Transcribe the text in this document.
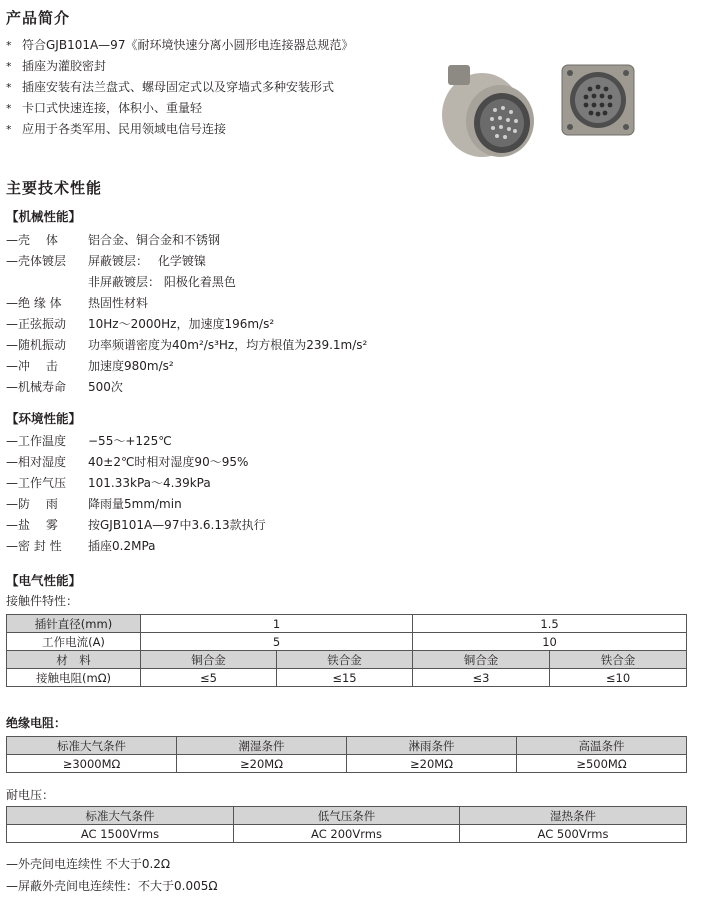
产品简介
* 符合GJB101A—97《耐环境快速分离小圆形电连接器总规范》
* 插座为灌胶密封
* 插座安装有法兰盘式、螺母固定式以及穿墙式多种安装形式
* 卡口式快速连接，体积小、重量轻
* 应用于各类军用、民用领域电信号连接
主要技术性能
【机械性能】
—壳　 体	铝合金、铜合金和不锈钢
—壳体镀层 屏蔽镀层：　 化学镀镍
非屏蔽镀层： 阳极化着黑色
—绝 缘 体 热固性材料
—正弦振动 10Hz～2000Hz，加速度196m/s²
—随机振动 功率频谱密度为40m²/s³Hz，均方根值为239.1m/s²
—冲　 击	加速度980m/s²
—机械寿命 500次
【环境性能】
—工作温度 −55～+125℃
—相对湿度 40±2℃时相对湿度90～95%
—工作气压 101.33kPa～4.39kPa
—防　 雨	降雨量5mm/min
—盐　 雾	按GJB101A—97中3.6.13款执行
—密 封 性 插座0.2MPa
【电气性能】
接触件特性：
插针直径(mm)	1		1.5	
工作电流(A)	5		10	
材　料	铜合金	铁合金	铜合金	铁合金
接触电阻(mΩ)	≤5	≤15	≤3	≤10
绝缘电阻：
标准大气条件	潮湿条件	淋雨条件	高温条件
≥3000MΩ	≥20MΩ	≥20MΩ	≥500MΩ
耐电压：
标准大气条件	低气压条件	湿热条件
AC 1500Vrms	AC 200Vrms	AC 500Vrms
—外壳间电连续性 不大于0.2Ω
—屏蔽外壳间电连续性：不大于0.005Ω
